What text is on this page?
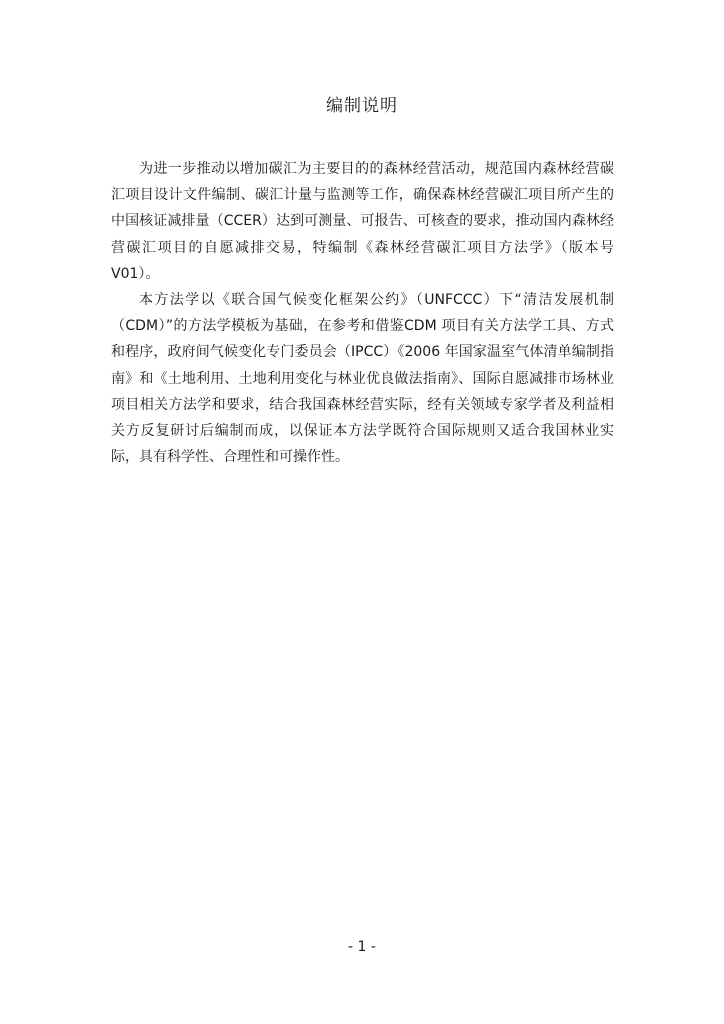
编制说明

为进一步推动以增加碳汇为主要目的的森林经营活动，规范国内森林经营碳汇项目设计文件编制、碳汇计量与监测等工作，确保森林经营碳汇项目所产生的中国核证减排量（CCER）达到可测量、可报告、可核查的要求，推动国内森林经营碳汇项目的自愿减排交易，特编制《森林经营碳汇项目方法学》（版本号V01）。

本方法学以《联合国气候变化框架公约》（UNFCCC）下“清洁发展机制（CDM）”的方法学模板为基础，在参考和借鉴CDM 项目有关方法学工具、方式和程序，政府间气候变化专门委员会（IPCC）《2006 年国家温室气体清单编制指南》和《土地利用、土地利用变化与林业优良做法指南》、国际自愿减排市场林业项目相关方法学和要求，结合我国森林经营实际，经有关领域专家学者及利益相关方反复研讨后编制而成，以保证本方法学既符合国际规则又适合我国林业实际，具有科学性、合理性和可操作性。

- 1 -
